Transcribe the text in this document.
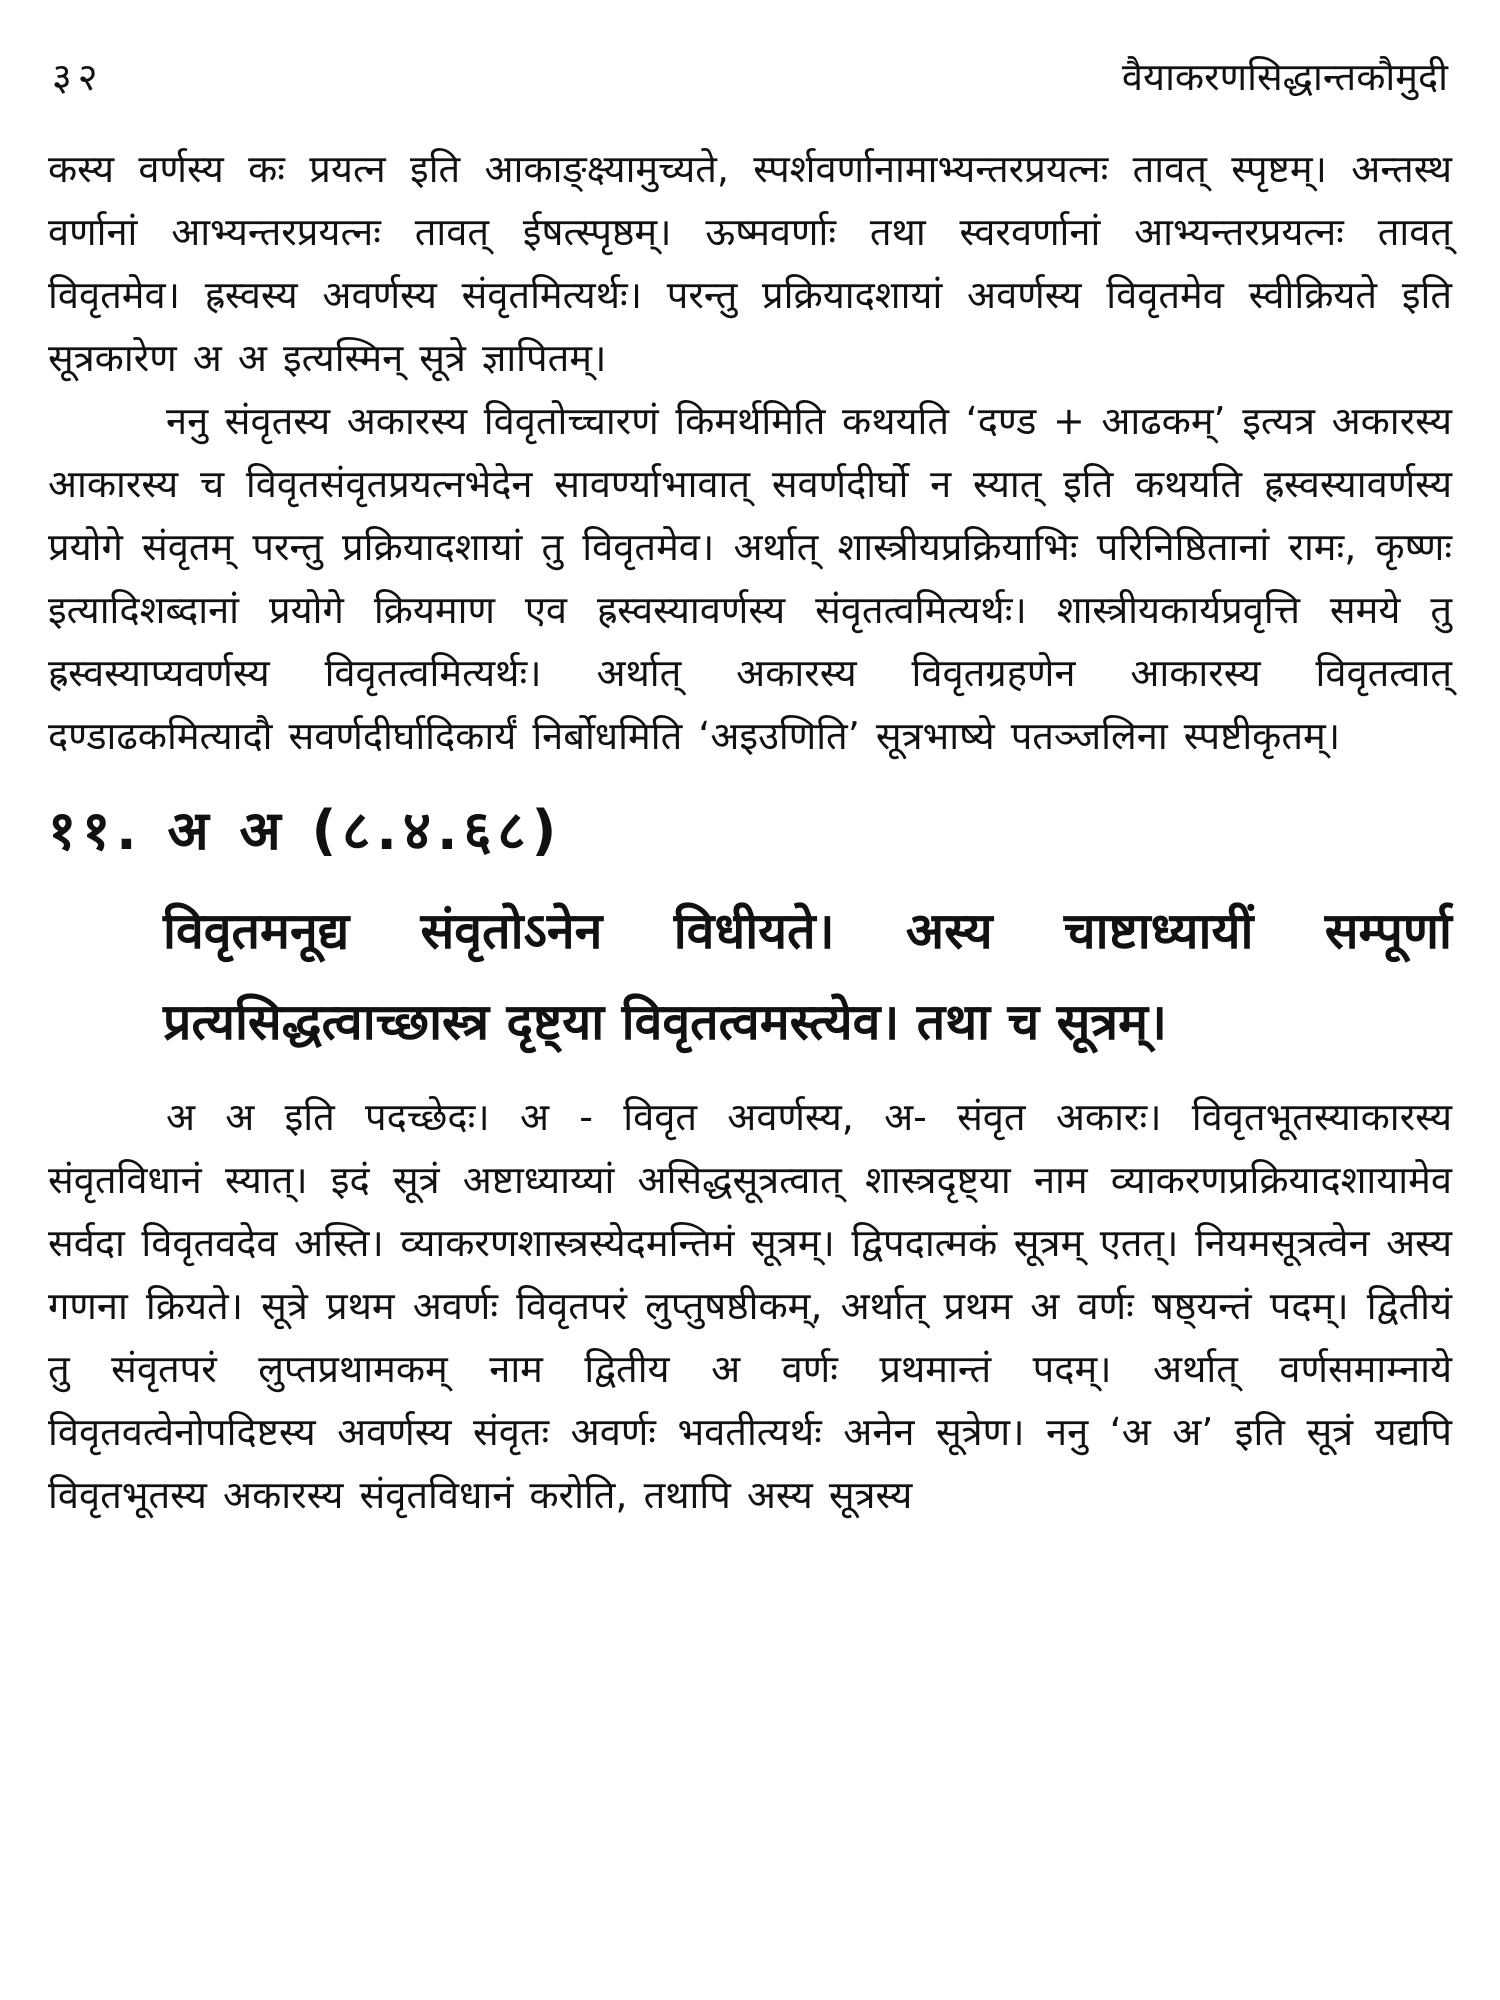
३२	वैयाकरणसिद्धान्तकौमुदी

कस्य वर्णस्य कः प्रयत्न इति आकाङ्क्ष्यामुच्यते, स्पर्शवर्णानामाभ्यन्तरप्रयत्नः तावत् स्पृष्टम्। अन्तस्थ वर्णानां आभ्यन्तरप्रयत्नः तावत् ईषत्स्पृष्ठम्। ऊष्मवर्णाः तथा स्वरवर्णानां आभ्यन्तरप्रयत्नः तावत् विवृतमेव। ह्रस्वस्य अवर्णस्य संवृतमित्यर्थः। परन्तु प्रक्रियादशायां अवर्णस्य विवृतमेव स्वीक्रियते इति सूत्रकारेण अ अ इत्यस्मिन् सूत्रे ज्ञापितम्।

ननु संवृतस्य अकारस्य विवृतोच्चारणं किमर्थमिति कथयति ‘दण्ड + आढकम्’ इत्यत्र अकारस्य आकारस्य च विवृतसंवृतप्रयत्नभेदेन सावर्ण्याभावात् सवर्णदीर्घो न स्यात् इति कथयति ह्रस्वस्यावर्णस्य प्रयोगे संवृतम् परन्तु प्रक्रियादशायां तु विवृतमेव। अर्थात् शास्त्रीयप्रक्रियाभिः परिनिष्ठितानां रामः, कृष्णः इत्यादिशब्दानां प्रयोगे क्रियमाण एव ह्रस्वस्यावर्णस्य संवृतत्वमित्यर्थः। शास्त्रीयकार्यप्रवृत्ति समये तु ह्रस्वस्याप्यवर्णस्य विवृतत्वमित्यर्थः। अर्थात् अकारस्य विवृतग्रहणेन आकारस्य विवृतत्वात् दण्डाढकमित्यादौ सवर्णदीर्घादिकार्यं निर्बोधमिति ‘अइउणिति’ सूत्रभाष्ये पतञ्जलिना स्पष्टीकृतम्।

११. अ अ (८.४.६८)
विवृतमनूद्य संवृतोऽनेन विधीयते। अस्य चाष्टाध्यायीं सम्पूर्णा प्रत्यसिद्धत्वाच्छास्त्र दृष्ट्या विवृतत्वमस्त्येव। तथा च सूत्रम्।

अ अ इति पदच्छेदः। अ - विवृत अवर्णस्य, अ- संवृत अकारः। विवृतभूतस्याकारस्य संवृतविधानं स्यात्। इदं सूत्रं अष्टाध्याय्यां असिद्धसूत्रत्वात् शास्त्रदृष्ट्या नाम व्याकरणप्रक्रियादशायामेव सर्वदा विवृतवदेव अस्ति। व्याकरणशास्त्रस्येदमन्तिमं सूत्रम्। द्विपदात्मकं सूत्रम् एतत्। नियमसूत्रत्वेन अस्य गणना क्रियते। सूत्रे प्रथम अवर्णः विवृतपरं लुप्तुषष्ठीकम्, अर्थात् प्रथम अ वर्णः षष्ठ्यन्तं पदम्। द्वितीयं तु संवृतपरं लुप्तप्रथामकम् नाम द्वितीय अ वर्णः प्रथमान्तं पदम्। अर्थात् वर्णसमाम्नाये विवृतवत्वेनोपदिष्टस्य अवर्णस्य संवृतः अवर्णः भवतीत्यर्थः अनेन सूत्रेण। ननु ‘अ अ’ इति सूत्रं यद्यपि विवृतभूतस्य अकारस्य संवृतविधानं करोति, तथापि अस्य सूत्रस्य
